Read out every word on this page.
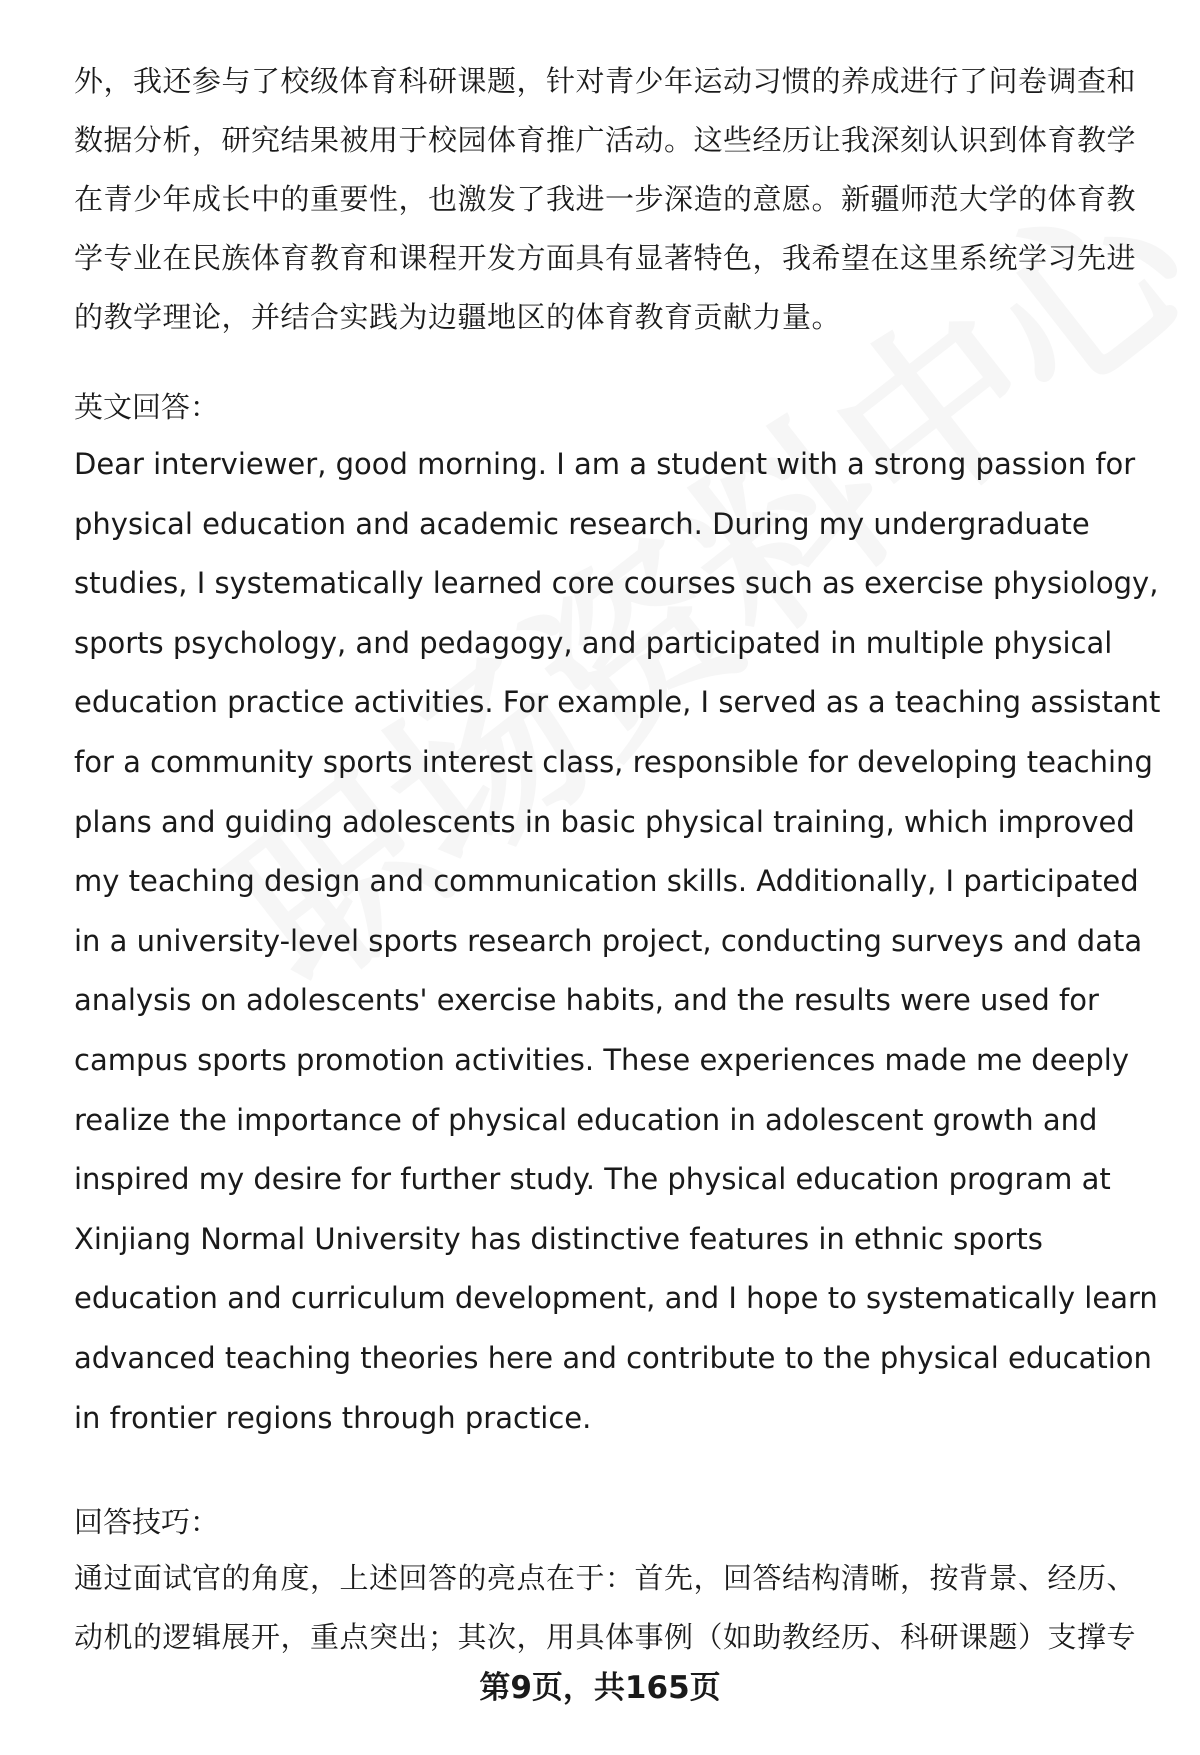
外，我还参与了校级体育科研课题，针对青少年运动习惯的养成进行了问卷调查和数据分析，研究结果被用于校园体育推广活动。这些经历让我深刻认识到体育教学在青少年成长中的重要性，也激发了我进一步深造的意愿。新疆师范大学的体育教学专业在民族体育教育和课程开发方面具有显著特色，我希望在这里系统学习先进的教学理论，并结合实践为边疆地区的体育教育贡献力量。

英文回答：

Dear interviewer, good morning. I am a student with a strong passion for physical education and academic research. During my undergraduate studies, I systematically learned core courses such as exercise physiology, sports psychology, and pedagogy, and participated in multiple physical education practice activities. For example, I served as a teaching assistant for a community sports interest class, responsible for developing teaching plans and guiding adolescents in basic physical training, which improved my teaching design and communication skills. Additionally, I participated in a university-level sports research project, conducting surveys and data analysis on adolescents' exercise habits, and the results were used for campus sports promotion activities. These experiences made me deeply realize the importance of physical education in adolescent growth and inspired my desire for further study. The physical education program at Xinjiang Normal University has distinctive features in ethnic sports education and curriculum development, and I hope to systematically learn advanced teaching theories here and contribute to the physical education in frontier regions through practice.

回答技巧：

通过面试官的角度，上述回答的亮点在于：首先，回答结构清晰，按背景、经历、动机的逻辑展开，重点突出；其次，用具体事例（如助教经历、科研课题）支撑专

第9页，共165页
